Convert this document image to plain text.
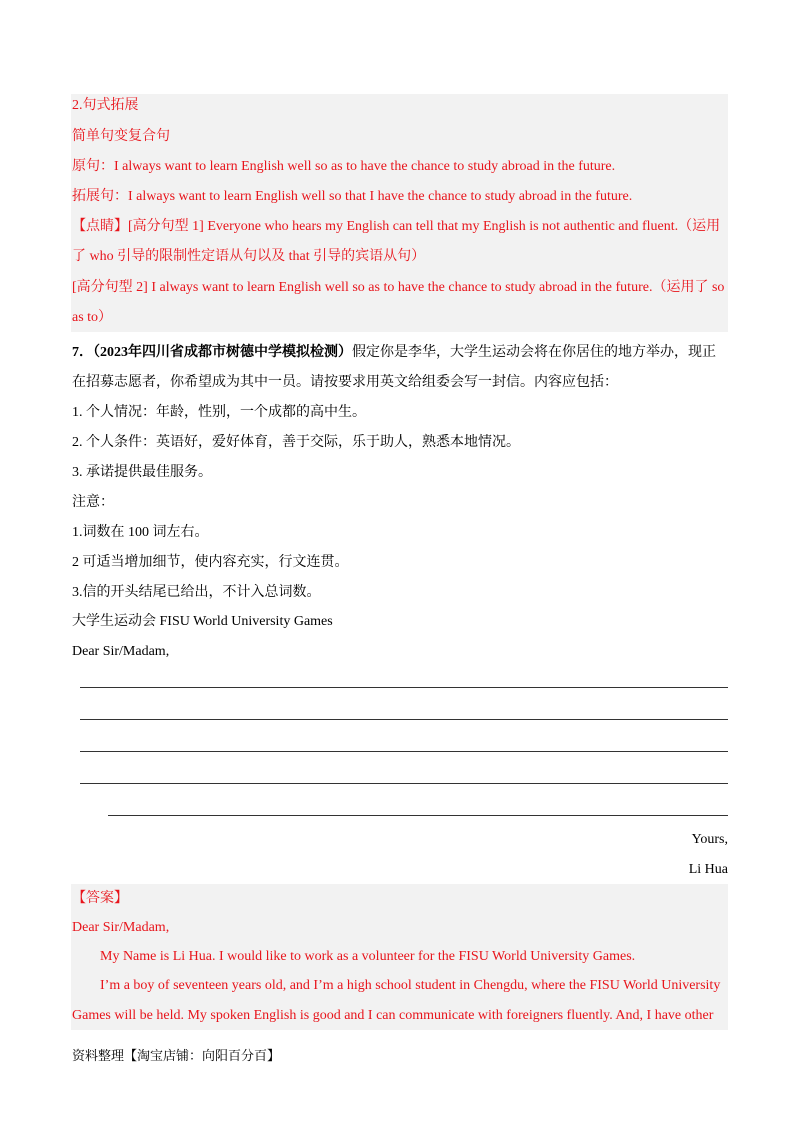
2.句式拓展
简单句变复合句
原句：I always want to learn English well so as to have the chance to study abroad in the future.
拓展句：I always want to learn English well so that I have the chance to study abroad in the future.
【点睛】[高分句型 1] Everyone who hears my English can tell that my English is not authentic and fluent.（运用了 who 引导的限制性定语从句以及 that 引导的宾语从句）
[高分句型 2] I always want to learn English well so as to have the chance to study abroad in the future.（运用了 so as to）
7．（2023年四川省成都市树德中学模拟检测）假定你是李华，大学生运动会将在你居住的地方举办，现正在招募志愿者，你希望成为其中一员。请按要求用英文给组委会写一封信。内容应包括：
1. 个人情况：年龄，性别，一个成都的高中生。
2. 个人条件：英语好，爱好体育，善于交际，乐于助人，熟悉本地情况。
3. 承诺提供最佳服务。
注意：
1.词数在 100 词左右。
2 可适当增加细节，使内容充实，行文连贯。
3.信的开头结尾已给出，不计入总词数。
大学生运动会 FISU World University Games
Dear Sir/Madam,
Yours,
Li Hua
【答案】
Dear Sir/Madam,
My Name is Li Hua. I would like to work as a volunteer for the FISU World University Games.
I’m a boy of seventeen years old, and I’m a high school student in Chengdu, where the FISU World University Games will be held. My spoken English is good and I can communicate with foreigners fluently. And, I have other
资料整理【淘宝店铺：向阳百分百】
